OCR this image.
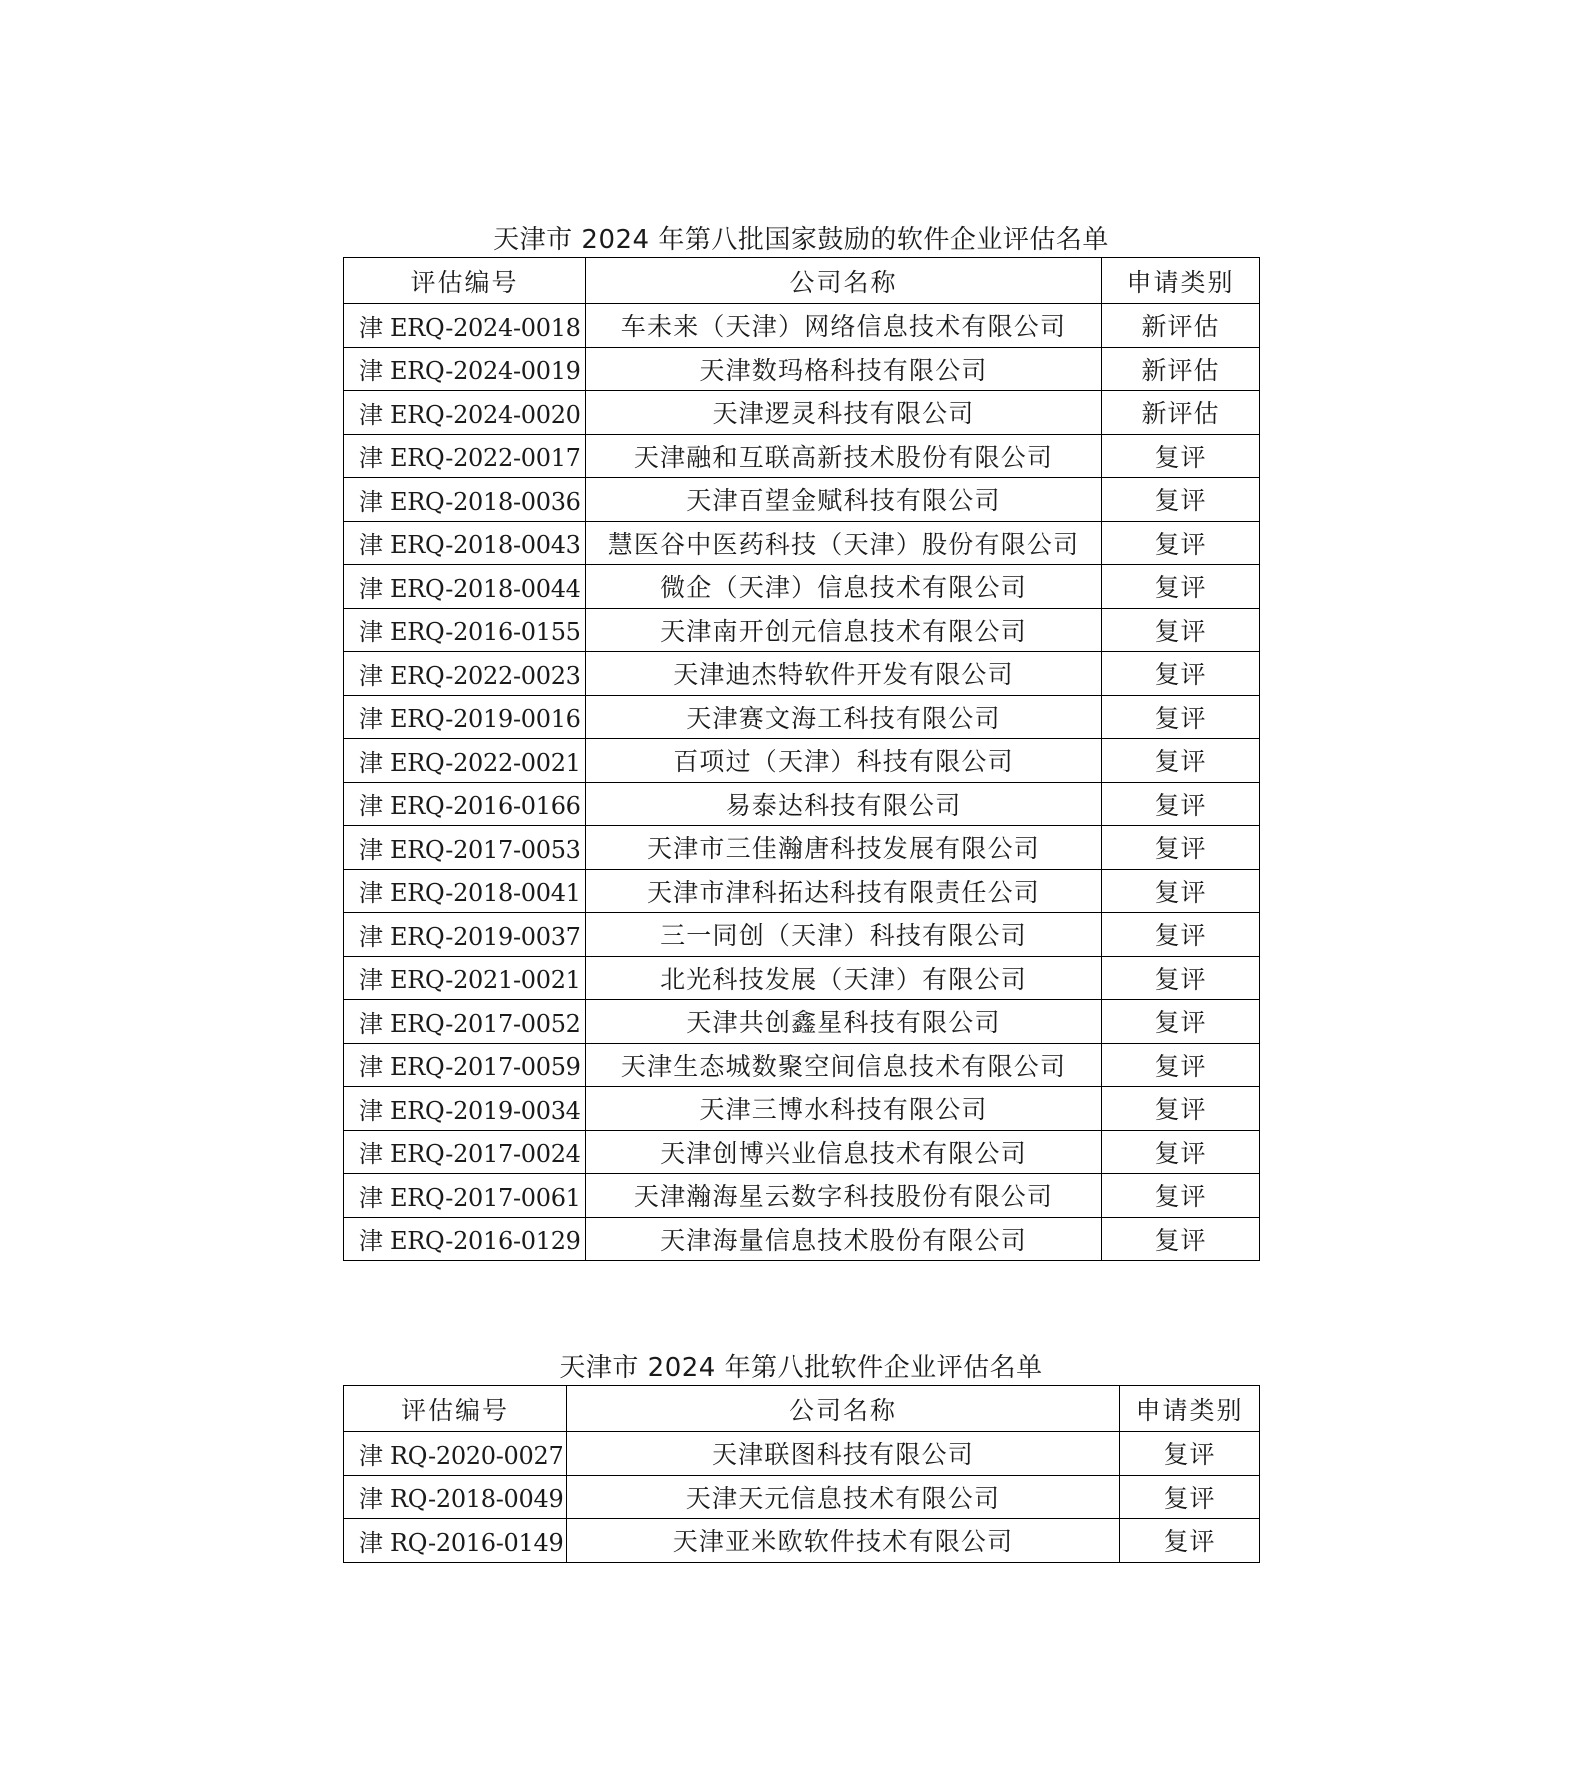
天津市 2024 年第八批国家鼓励的软件企业评估名单
评估编号	公司名称	申请类别
津 ERQ-2024-0018	车未来（天津）网络信息技术有限公司	新评估
津 ERQ-2024-0019	天津数玛格科技有限公司	新评估
津 ERQ-2024-0020	天津逻灵科技有限公司	新评估
津 ERQ-2022-0017	天津融和互联高新技术股份有限公司	复评
津 ERQ-2018-0036	天津百望金赋科技有限公司	复评
津 ERQ-2018-0043	慧医谷中医药科技（天津）股份有限公司	复评
津 ERQ-2018-0044	微企（天津）信息技术有限公司	复评
津 ERQ-2016-0155	天津南开创元信息技术有限公司	复评
津 ERQ-2022-0023	天津迪杰特软件开发有限公司	复评
津 ERQ-2019-0016	天津赛文海工科技有限公司	复评
津 ERQ-2022-0021	百项过（天津）科技有限公司	复评
津 ERQ-2016-0166	易泰达科技有限公司	复评
津 ERQ-2017-0053	天津市三佳瀚唐科技发展有限公司	复评
津 ERQ-2018-0041	天津市津科拓达科技有限责任公司	复评
津 ERQ-2019-0037	三一同创（天津）科技有限公司	复评
津 ERQ-2021-0021	北光科技发展（天津）有限公司	复评
津 ERQ-2017-0052	天津共创鑫星科技有限公司	复评
津 ERQ-2017-0059	天津生态城数聚空间信息技术有限公司	复评
津 ERQ-2019-0034	天津三博水科技有限公司	复评
津 ERQ-2017-0024	天津创博兴业信息技术有限公司	复评
津 ERQ-2017-0061	天津瀚海星云数字科技股份有限公司	复评
津 ERQ-2016-0129	天津海量信息技术股份有限公司	复评
天津市 2024 年第八批软件企业评估名单
评估编号	公司名称	申请类别
津 RQ-2020-0027	天津联图科技有限公司	复评
津 RQ-2018-0049	天津天元信息技术有限公司	复评
津 RQ-2016-0149	天津亚米欧软件技术有限公司	复评
